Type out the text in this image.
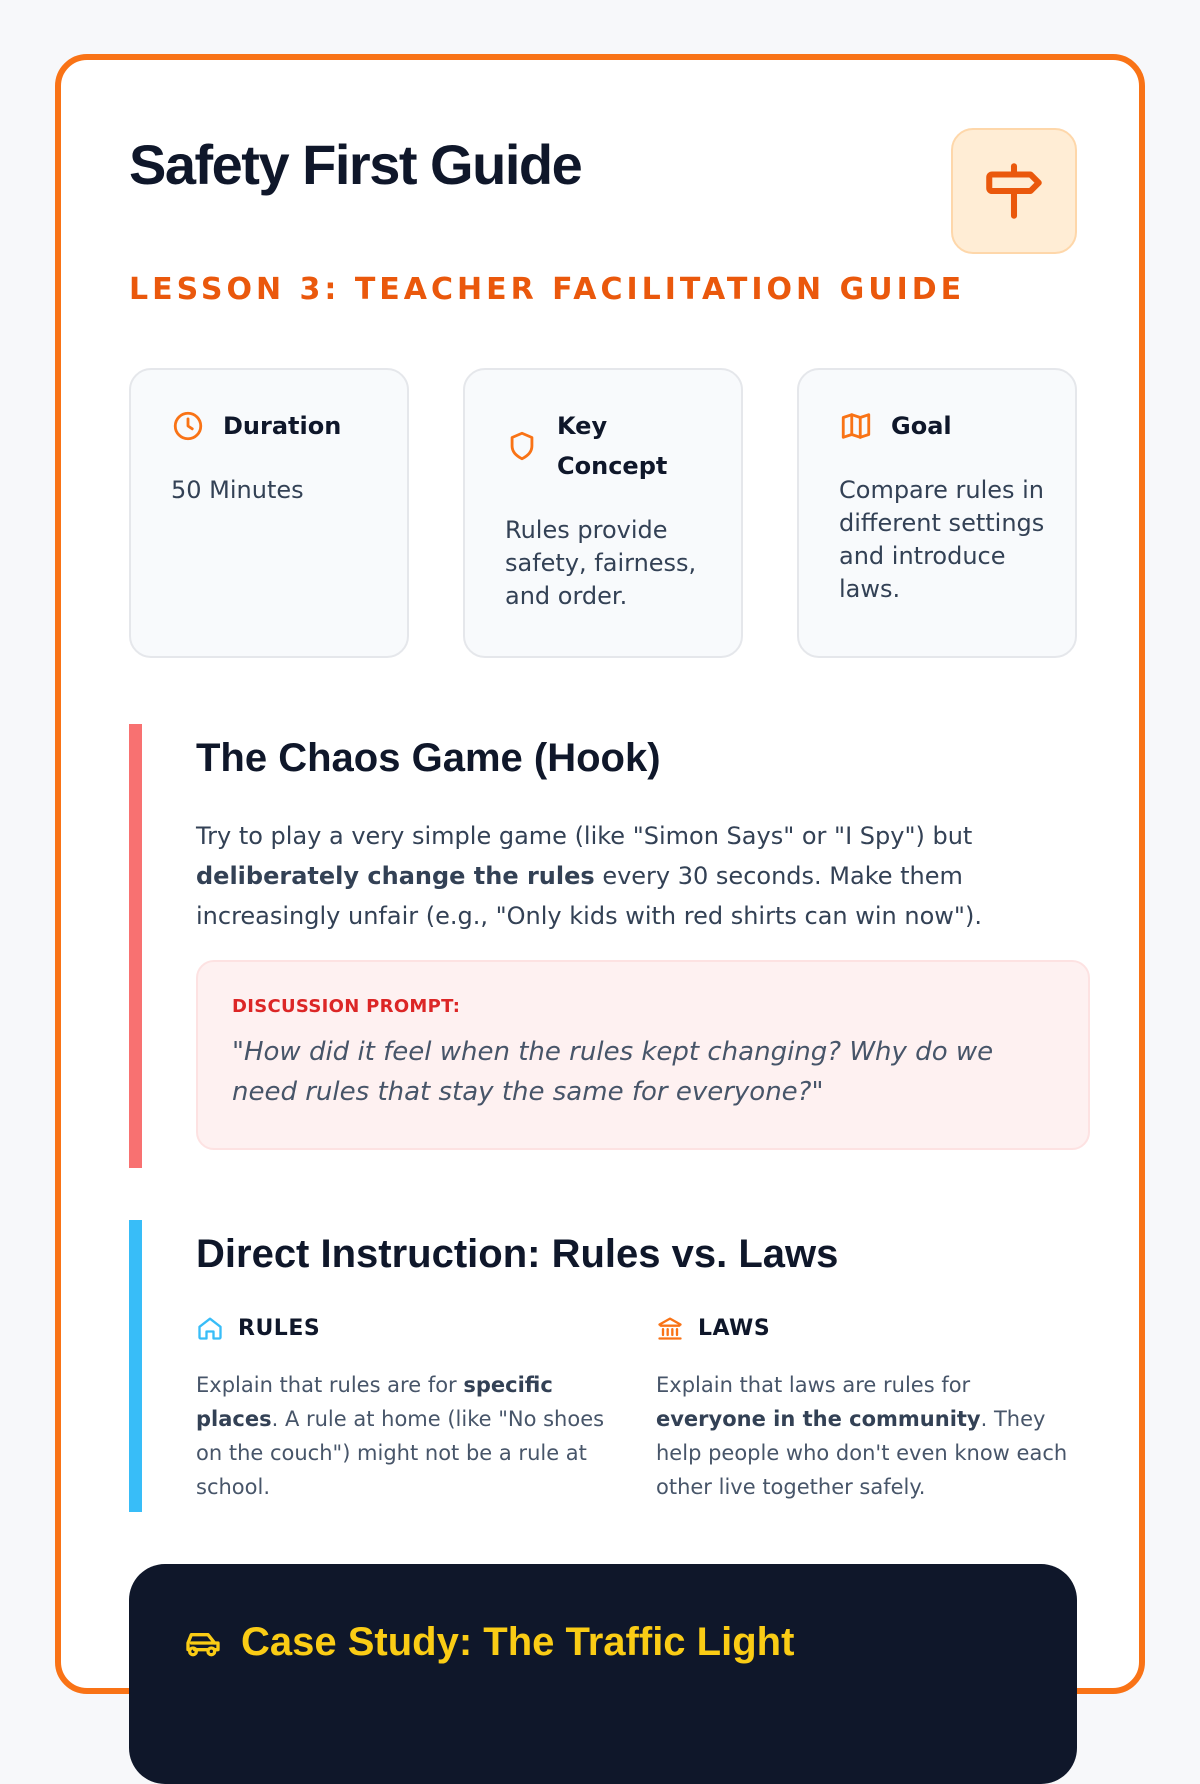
Safety First Guide
LESSON 3: TEACHER FACILITATION GUIDE
Duration
50 Minutes
Key Concept
Rules provide safety, fairness, and order.
Goal
Compare rules in different settings and introduce laws.
The Chaos Game (Hook)

Try to play a very simple game (like "Simon Says" or "I Spy") but deliberately change the rules every 30 seconds. Make them increasingly unfair (e.g., "Only kids with red shirts can win now").

DISCUSSION PROMPT:
"How did it feel when the rules kept changing? Why do we need rules that stay the same for everyone?"
Direct Instruction: Rules vs. Laws
RULES
Explain that rules are for specific places. A rule at home (like "No shoes on the couch") might not be a rule at school.
LAWS
Explain that laws are rules for everyone in the community. They help people who don't even know each other live together safely.
Case Study: The Traffic Light
